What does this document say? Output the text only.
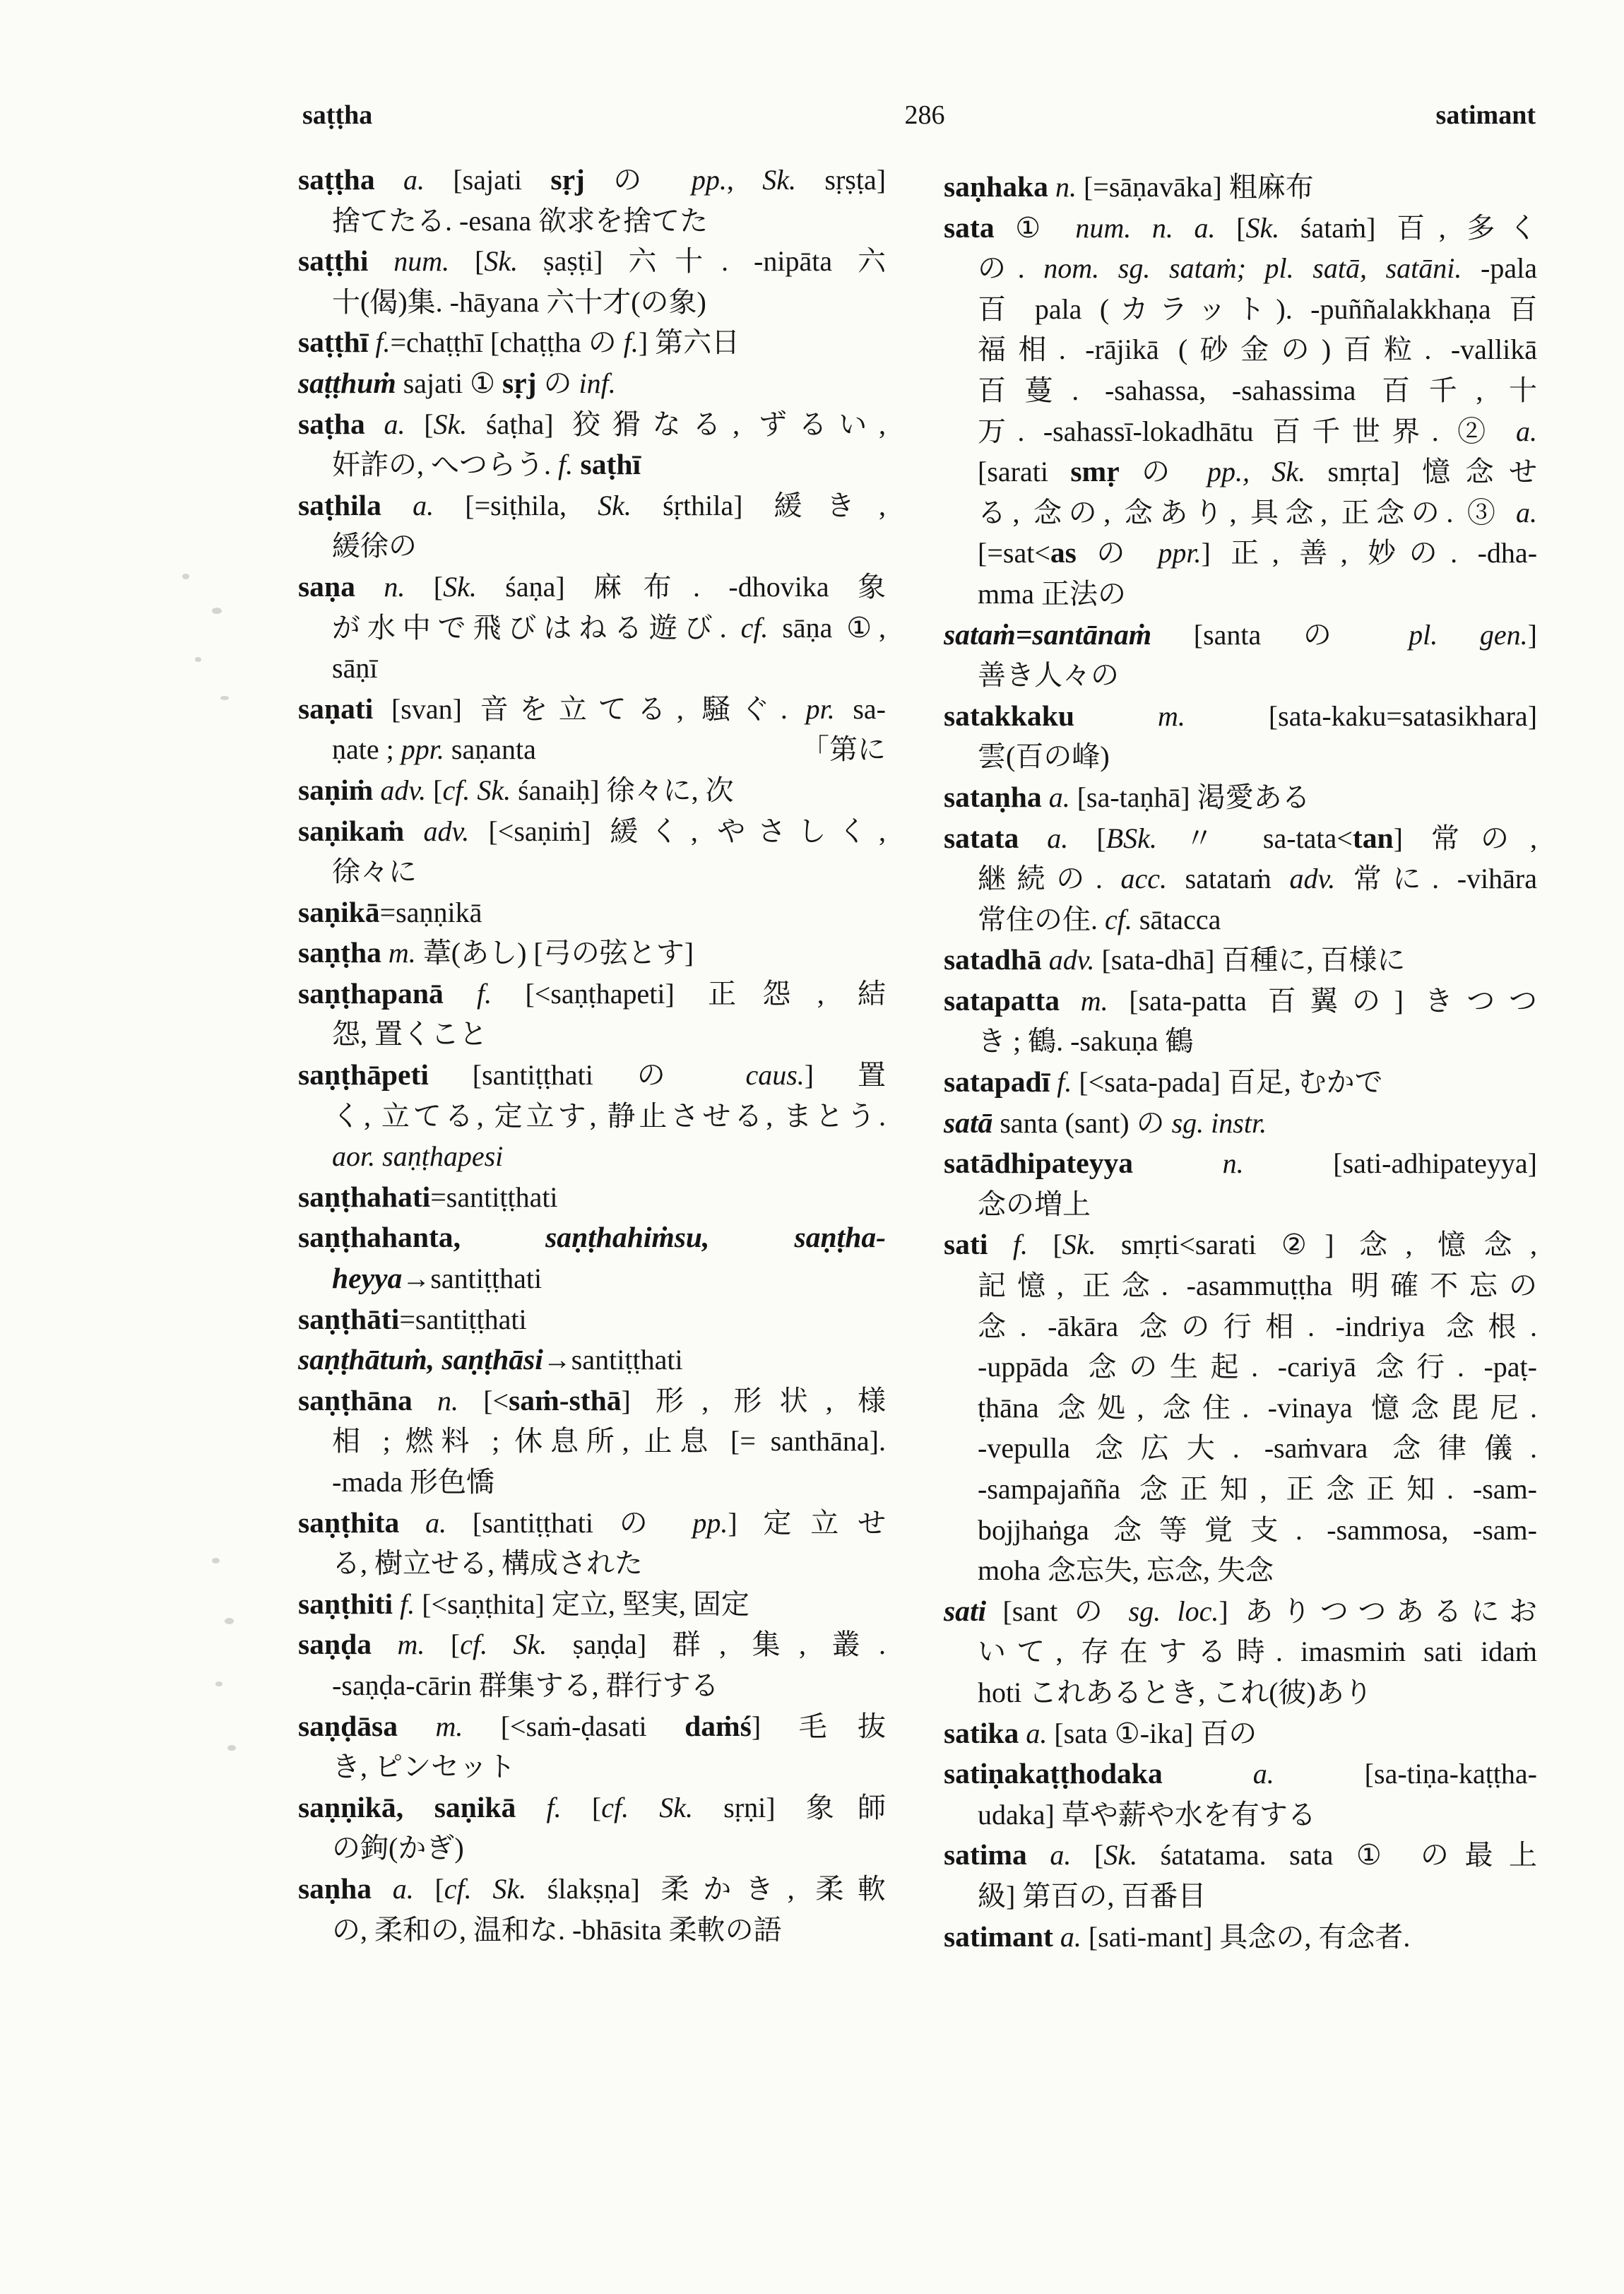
saṭṭha	286	satimant
saṭṭha a. [sajati sṛj の pp., Sk. sṛṣṭa]
捨てたる. -esana 欲求を捨てた
saṭṭhi num. [Sk. ṣaṣṭi] 六十. -nipāta 六
十(偈)集. -hāyana 六十才(の象)
saṭṭhī f.=chaṭṭhī [chaṭṭha の f.] 第六日
saṭṭhuṁ sajati ① sṛj の inf.
saṭha a. [Sk. śaṭha] 狡猾なる, ずるい,
奸詐の, へつらう. f. saṭhī
saṭhila a. [=siṭhila, Sk. śṛthila] 緩き,
緩徐の
saṇa n. [Sk. śaṇa] 麻布. -dhovika 象
が水中で飛びはねる遊び. cf. sāṇa ①,
sāṇī
saṇati [svan] 音を立てる, 騒ぐ. pr. sa-
「第に
ṇate ; ppr. saṇanta
saṇiṁ adv. [cf. Sk. śanaiḥ] 徐々に, 次
saṇikaṁ adv. [<saṇiṁ] 緩く, やさしく,
徐々に
saṇikā=saṇṇikā
saṇṭha m. 葦(あし) [弓の弦とす]
saṇṭhapanā f. [<saṇṭhapeti] 正怨, 結
怨, 置くこと
saṇṭhāpeti [santiṭṭhati の caus.] 置
く, 立てる, 定立す, 静止させる, まとう.
aor. saṇṭhapesi
saṇṭhahati=santiṭṭhati
saṇṭhahanta, saṇṭhahiṁsu, saṇṭha-
heyya→santiṭṭhati
saṇṭhāti=santiṭṭhati
saṇṭhātuṁ, saṇṭhāsi→santiṭṭhati
saṇṭhāna n. [<saṁ-sthā] 形, 形状, 様
相 ; 燃料 ; 休息所, 止息 [= santhāna].
-mada 形色憍
saṇṭhita a. [santiṭṭhati の pp.] 定立せ
る, 樹立せる, 構成された
saṇṭhiti f. [<saṇṭhita] 定立, 堅実, 固定
saṇḍa m. [cf. Sk. ṣaṇḍa] 群, 集, 叢.
-saṇḍa-cārin 群集する, 群行する
saṇḍāsa m. [<saṁ-ḍasati daṁś] 毛抜
き, ピンセット
saṇṇikā, saṇikā f. [cf. Sk. sṛṇi] 象師
の鉤(かぎ)
saṇha a. [cf. Sk. ślakṣṇa] 柔かき, 柔軟
の, 柔和の, 温和な. -bhāsita 柔軟の語
saṇhaka n. [=sāṇavāka] 粗麻布
sata ① num. n. a. [Sk. śataṁ] 百, 多く
の. nom. sg. sataṁ; pl. satā, satāni. -pala
百 pala (カラット). -puññalakkhaṇa 百
福相. -rājikā (砂金の)百粒. -vallikā
百蔓. -sahassa, -sahassima 百千, 十
万. -sahassī-lokadhātu 百千世界. ② a.
[sarati smṛ の pp., Sk. smṛta] 憶念せ
る, 念の, 念あり, 具念, 正念の. ③ a.
[=sat<as の ppr.] 正, 善, 妙の. -dha-
mma 正法の
sataṁ=santānaṁ [santa の pl. gen.]
善き人々の
satakkaku m. [sata-kaku=satasikhara]
雲(百の峰)
sataṇha a. [sa-taṇhā] 渇愛ある
satata a. [BSk. 〃 sa-tata<tan] 常の,
継続の. acc. satataṁ adv. 常に. -vihāra
常住の住. cf. sātacca
satadhā adv. [sata-dhā] 百種に, 百様に
satapatta m. [sata-patta 百翼の] きつつ
き ; 鶴. -sakuṇa 鶴
satapadī f. [<sata-pada] 百足, むかで
satā santa (sant) の sg. instr.
satādhipateyya n. [sati-adhipateyya]
念の増上
sati f. [Sk. smṛti<sarati ②] 念, 憶念,
記憶, 正念. -asammuṭṭha 明確不忘の
念. -ākāra 念の行相. -indriya 念根.
-uppāda 念の生起. -cariyā 念行. -paṭ-
ṭhāna 念処, 念住. -vinaya 憶念毘尼.
-vepulla 念広大. -saṁvara 念律儀.
-sampajañña 念正知, 正念正知. -sam-
bojjhaṅga 念等覚支. -sammosa, -sam-
moha 念忘失, 忘念, 失念
sati [sant の sg. loc.] ありつつあるにお
いて, 存在する時. imasmiṁ sati idaṁ
hoti これあるとき, これ(彼)あり
satika a. [sata ①-ika] 百の
satiṇakaṭṭhodaka a. [sa-tiṇa-kaṭṭha-
udaka] 草や薪や水を有する
satima a. [Sk. śatatama. sata ① の最上
級] 第百の, 百番目
satimant a. [sati-mant] 具念の, 有念者.
